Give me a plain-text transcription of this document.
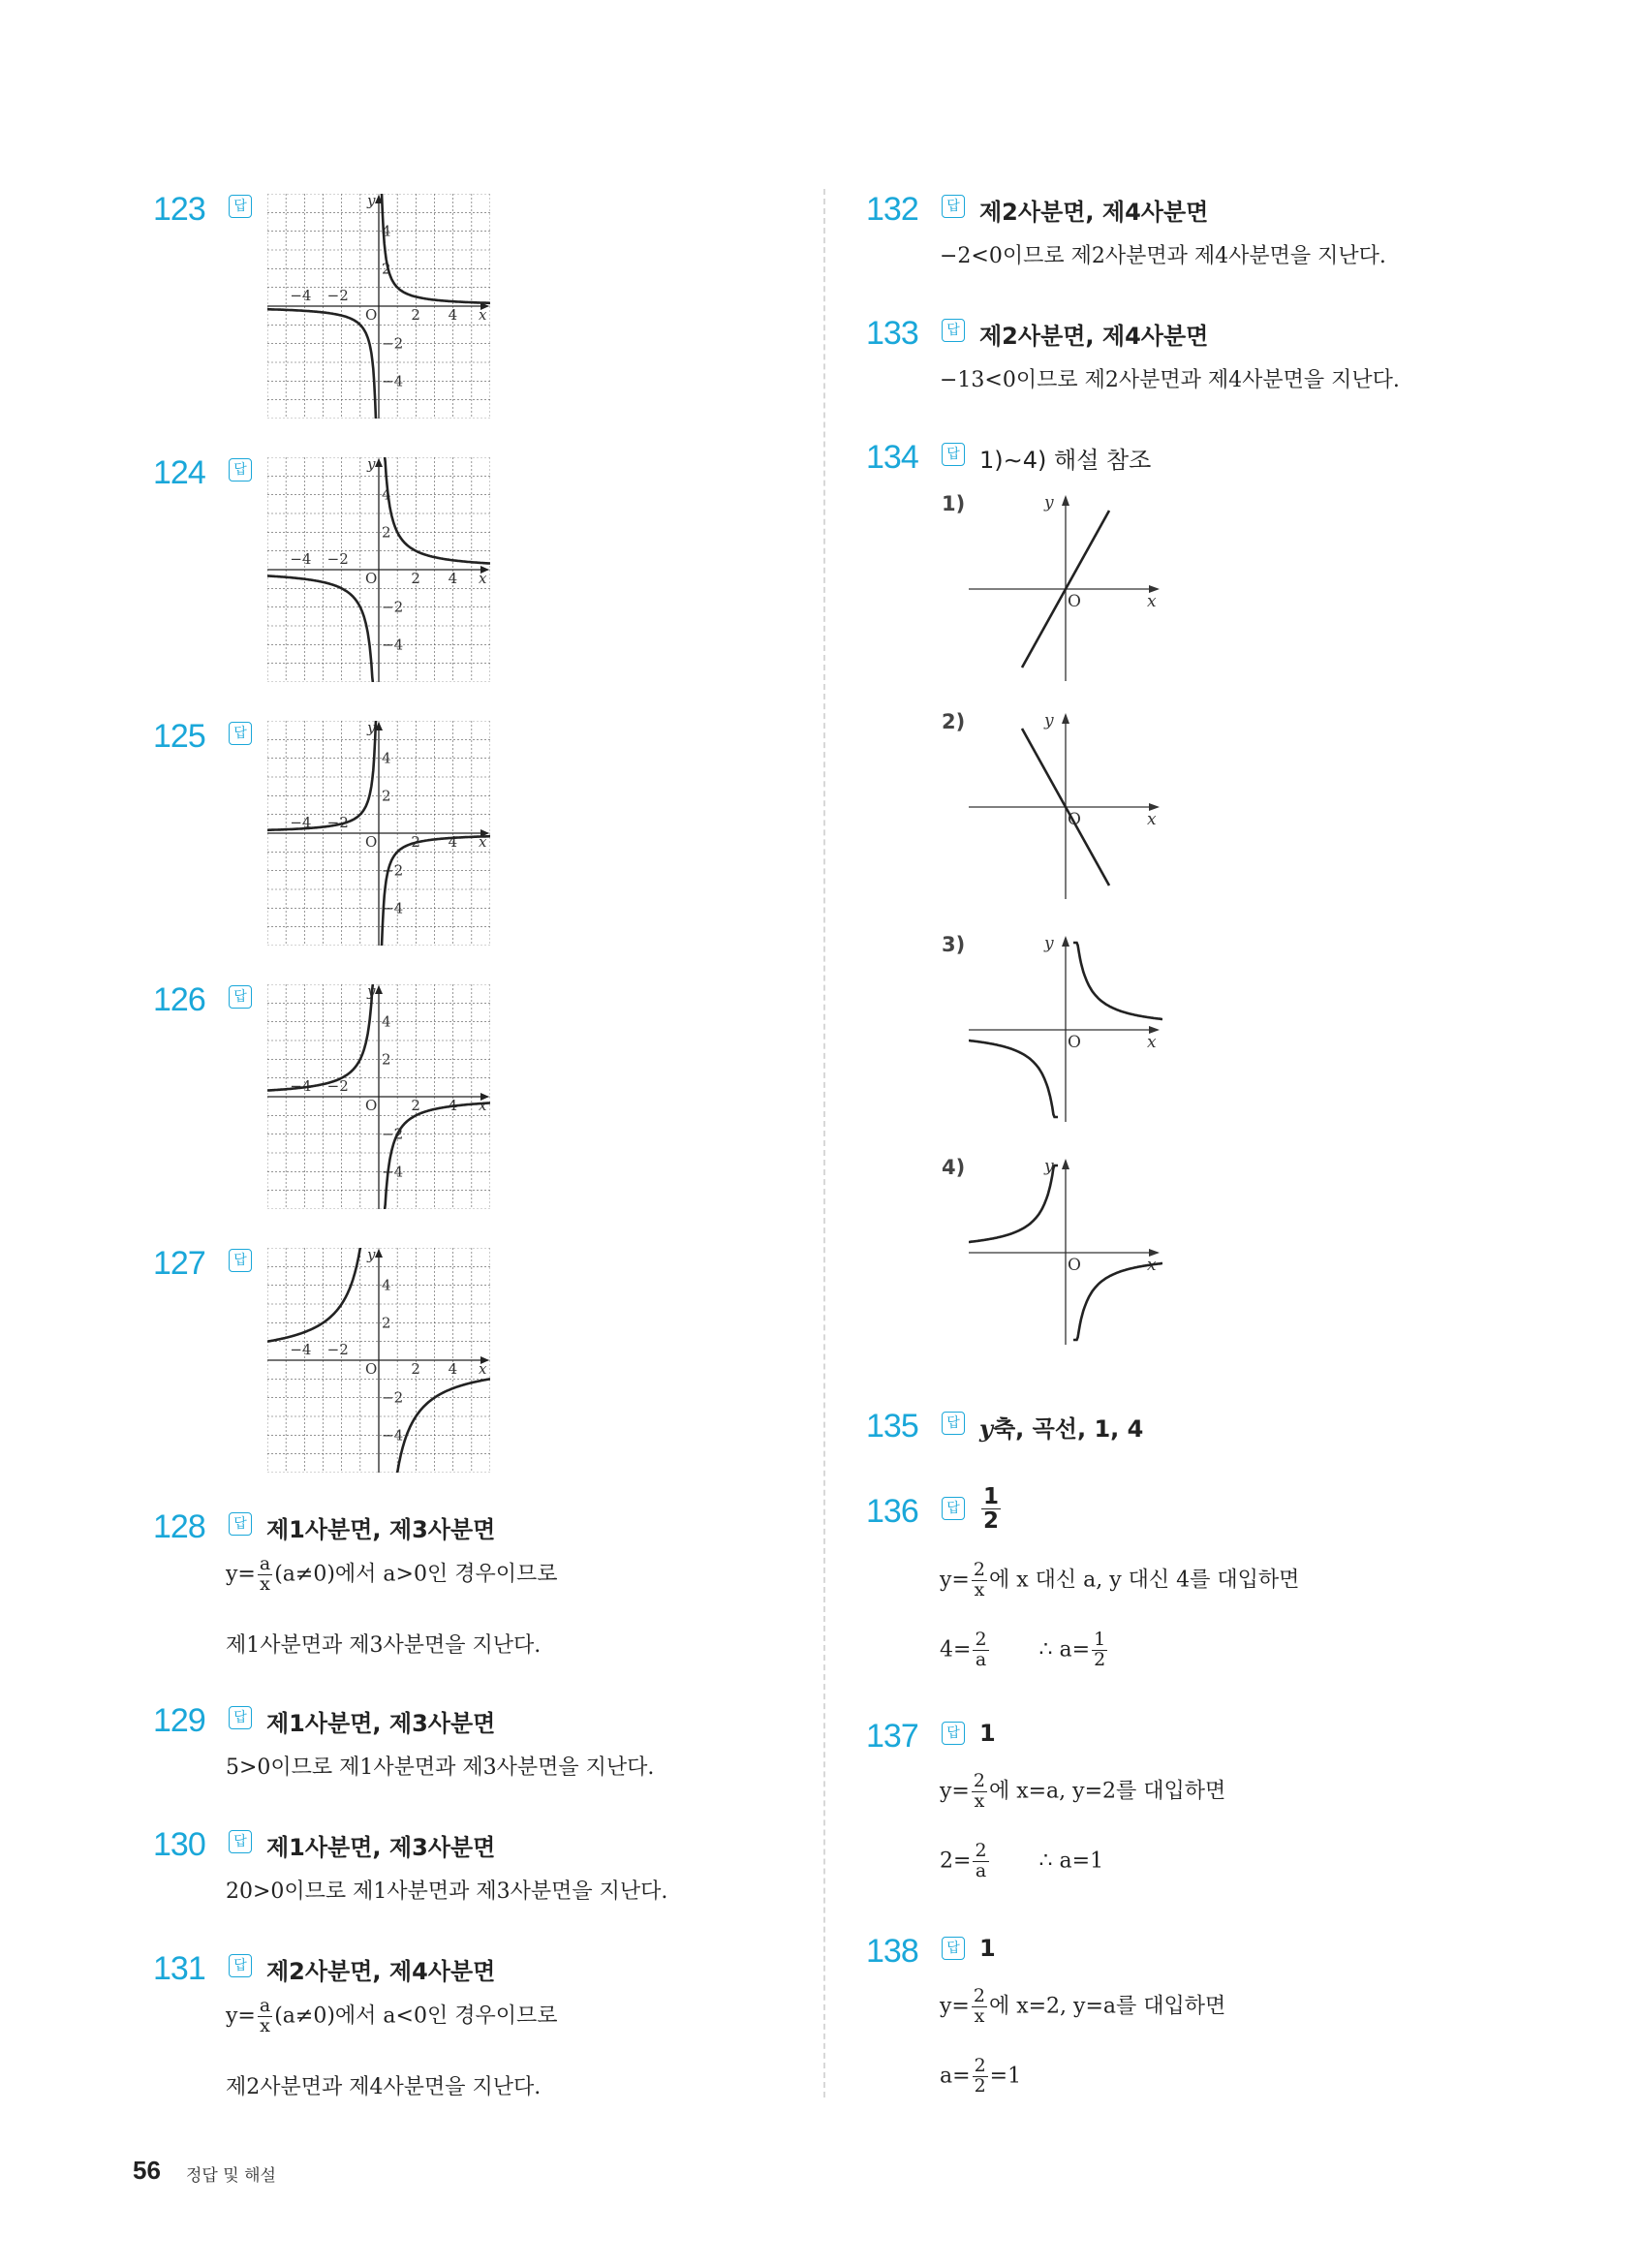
123	답
2 4
−4 −2
4
2
−2
−4
O	x
y
124	답
2 4
−4 −2
4
2
−2
−4
O	x
y
125	답
2 4
−4 −2
4
2
−2
−4
O	x
y
126	답
2 4
−4 −2
4
2
−2
−4
O	x
y
127	답
2 4
−4 −2
4
2
−2
−4
O	x
y
128	답 제1사분면, 제3사분면
$y= \frac{a}{x} (a\ne 0)$에서 a>0인 경우이므로
제1사분면과 제3사분면을 지난다.
129	답 제1사분면, 제3사분면
5>0이므로 제1사분면과 제3사분면을 지난다.
130	답 제1사분면, 제3사분면
20>0이므로 제1사분면과 제3사분면을 지난다.
131	답 제2사분면, 제4사분면
$y= \frac{a}{x} (a\ne 0)$에서 a<0인 경우이므로
제2사분면과 제4사분면을 지난다.
132	답 제2사분면, 제4사분면
−2<0이므로 제2사분면과 제4사분면을 지난다.
133	답 제2사분면, 제4사분면
−13<0이므로 제2사분면과 제4사분면을 지난다.
134	답 1)∼4) 해설 참조
1)
x
y
O
2)
x
y
O
3)
x
y
O
4)
x
y
O
135	답 y축, 곡선, 1, 4
136	답 $\frac{1}{2}$
$y= \frac{2}{x}$ 에 x 대신 a, y 대신 4를 대입하면
$4= \frac{2}{a}$ ∴ $a= \frac{1}{2}$
137	답 1
$y= \frac{2}{x}$ 에 x=a, y=2를 대입하면
$2= \frac{2}{a}$ ∴ a=1
138	답 1
$y= \frac{2}{x}$ 에 x=2, y=a를 대입하면
$a= \frac{2}{2} =1$
56 정답 및 해설
